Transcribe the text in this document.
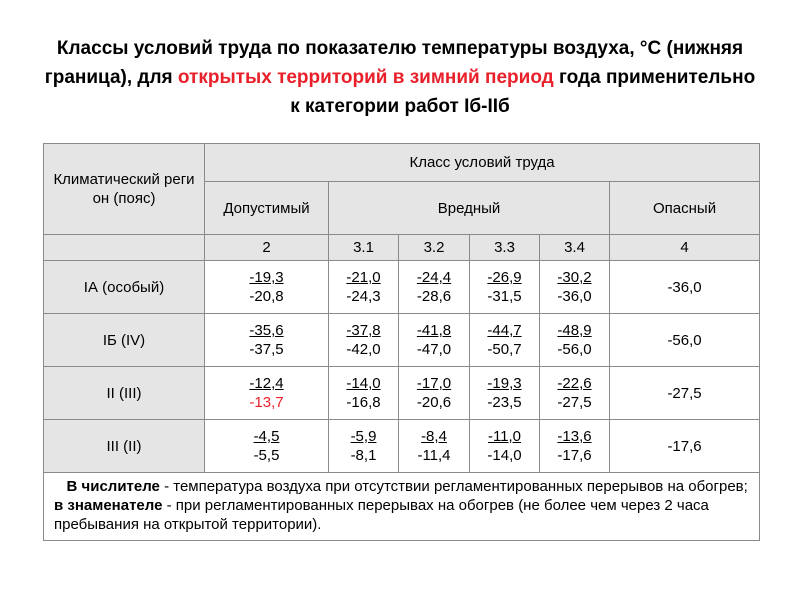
Классы условий труда по показателю температуры воздуха, °С (нижняя граница), для открытых территорий в зимний период года применительно к категории работ Iб-IIб
Климатический регион (пояс)	Класс условий труда					
	Допустимый	Вредный				Опасный
	2	3.1	3.2	3.3	3.4	4
IА (особый)	$\frac{-19,3}{-20,8}$	$\frac{-21,0}{-24,3}$	$\frac{-24,4}{-28,6}$	$\frac{-26,9}{-31,5}$	$\frac{-30,2}{-36,0}$	-36,0
IБ (IV)	$\frac{-35,6}{-37,5}$	$\frac{-37,8}{-42,0}$	$\frac{-41,8}{-47,0}$	$\frac{-44,7}{-50,7}$	$\frac{-48,9}{-56,0}$	-56,0
II (III)	$\frac{-12,4}{-13,7}$	$\frac{-14,0}{-16,8}$	$\frac{-17,0}{-20,6}$	$\frac{-19,3}{-23,5}$	$\frac{-22,6}{-27,5}$	-27,5
III (II)	$\frac{-4,5}{-5,5}$	$\frac{-5,9}{-8,1}$	$\frac{-8,4}{-11,4}$	$\frac{-11,0}{-14,0}$	$\frac{-13,6}{-17,6}$	-17,6
В числителе - температура воздуха при отсутствии регламентированных перерывов на обогрев; в знаменателе - при регламентированных перерывах на обогрев (не более чем через 2 часа пребывания на открытой территории).						
